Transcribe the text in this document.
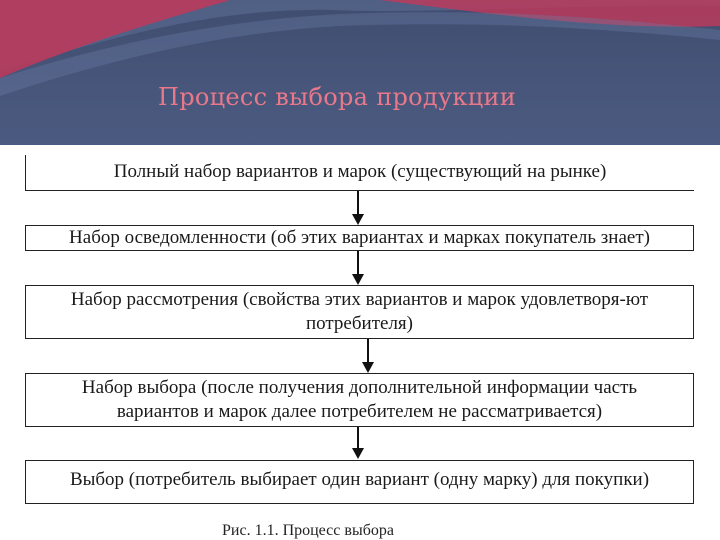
Процесс выбора продукции
Полный набор вариантов и марок (существующий на рынке)
Набор осведомленности (об этих вариантах и марках покупатель знает)
Набор рассмотрения (свойства этих вариантов и марок удовлетворя-ют потребителя)
Набор выбора (после получения дополнительной информации часть вариантов и марок далее потребителем не рассматривается)
Выбор (потребитель выбирает один вариант (одну марку) для покупки)
Рис. 1.1. Процесс выбора
